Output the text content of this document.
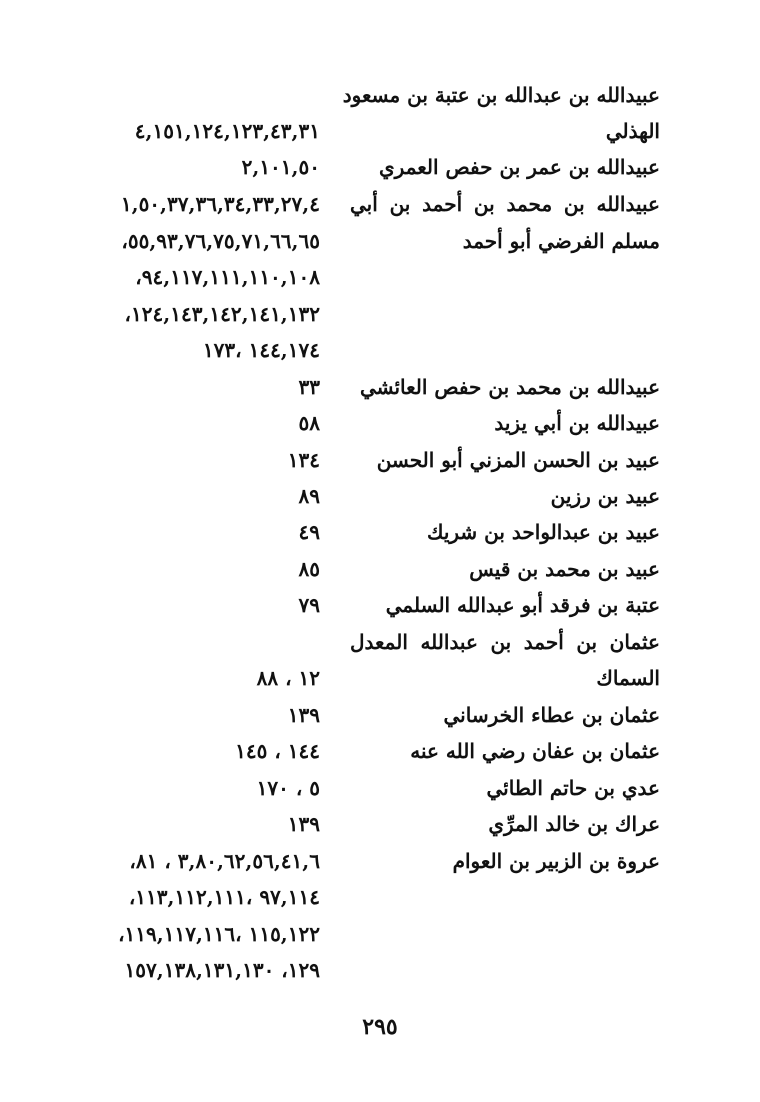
عبيدالله بن عبدالله بن عتبة بن مسعود
الهذلي
٤,١٥١,١٢٤,١٢٣,٤٣,٣١
عبيدالله بن عمر بن حفص العمري
٢,١٠١,٥٠
عبيدالله بن محمد بن أحمد بن أبي
١,٥٠,٣٧,٣٦,٣٤,٣٣,٢٧,٤
مسلم الفرضي أبو أحمد
٥٥,٩٣,٧٦,٧٥,٧١,٦٦,٦٥،
٩٤,١١٧,١١١,١١٠,١٠٨،
١٢٤,١٤٣,١٤٢,١٤١,١٣٢،
١٤٤,١٧٤ ،١٧٣
عبيدالله بن محمد بن حفص العائشي
٣٣
عبيدالله بن أبي يزيد
٥٨
عبيد بن الحسن المزني أبو الحسن
١٣٤
عبيد بن رزين
٨٩
عبيد بن عبدالواحد بن شريك
٤٩
عبيد بن محمد بن قيس
٨٥
عتبة بن فرقد أبو عبدالله السلمي
٧٩
عثمان بن أحمد بن عبدالله المعدل
السماك
١٢ ، ٨٨
عثمان بن عطاء الخرساني
١٣٩
عثمان بن عفان رضي الله عنه
١٤٤ ، ١٤٥
عدي بن حاتم الطائي
٥ ، ١٧٠
عراك بن خالد المرِّي
١٣٩
عروة بن الزبير بن العوام
٣,٨٠,٦٢,٥٦,٤١,٦ ، ٨١،
٩٧,١١٤ ،١١٣,١١٢,١١١،
١١٥,١٢٢ ،١١٩,١١٧,١١٦،
١٢٩، ١٥٧,١٣٨,١٣١,١٣٠
٢٩٥
